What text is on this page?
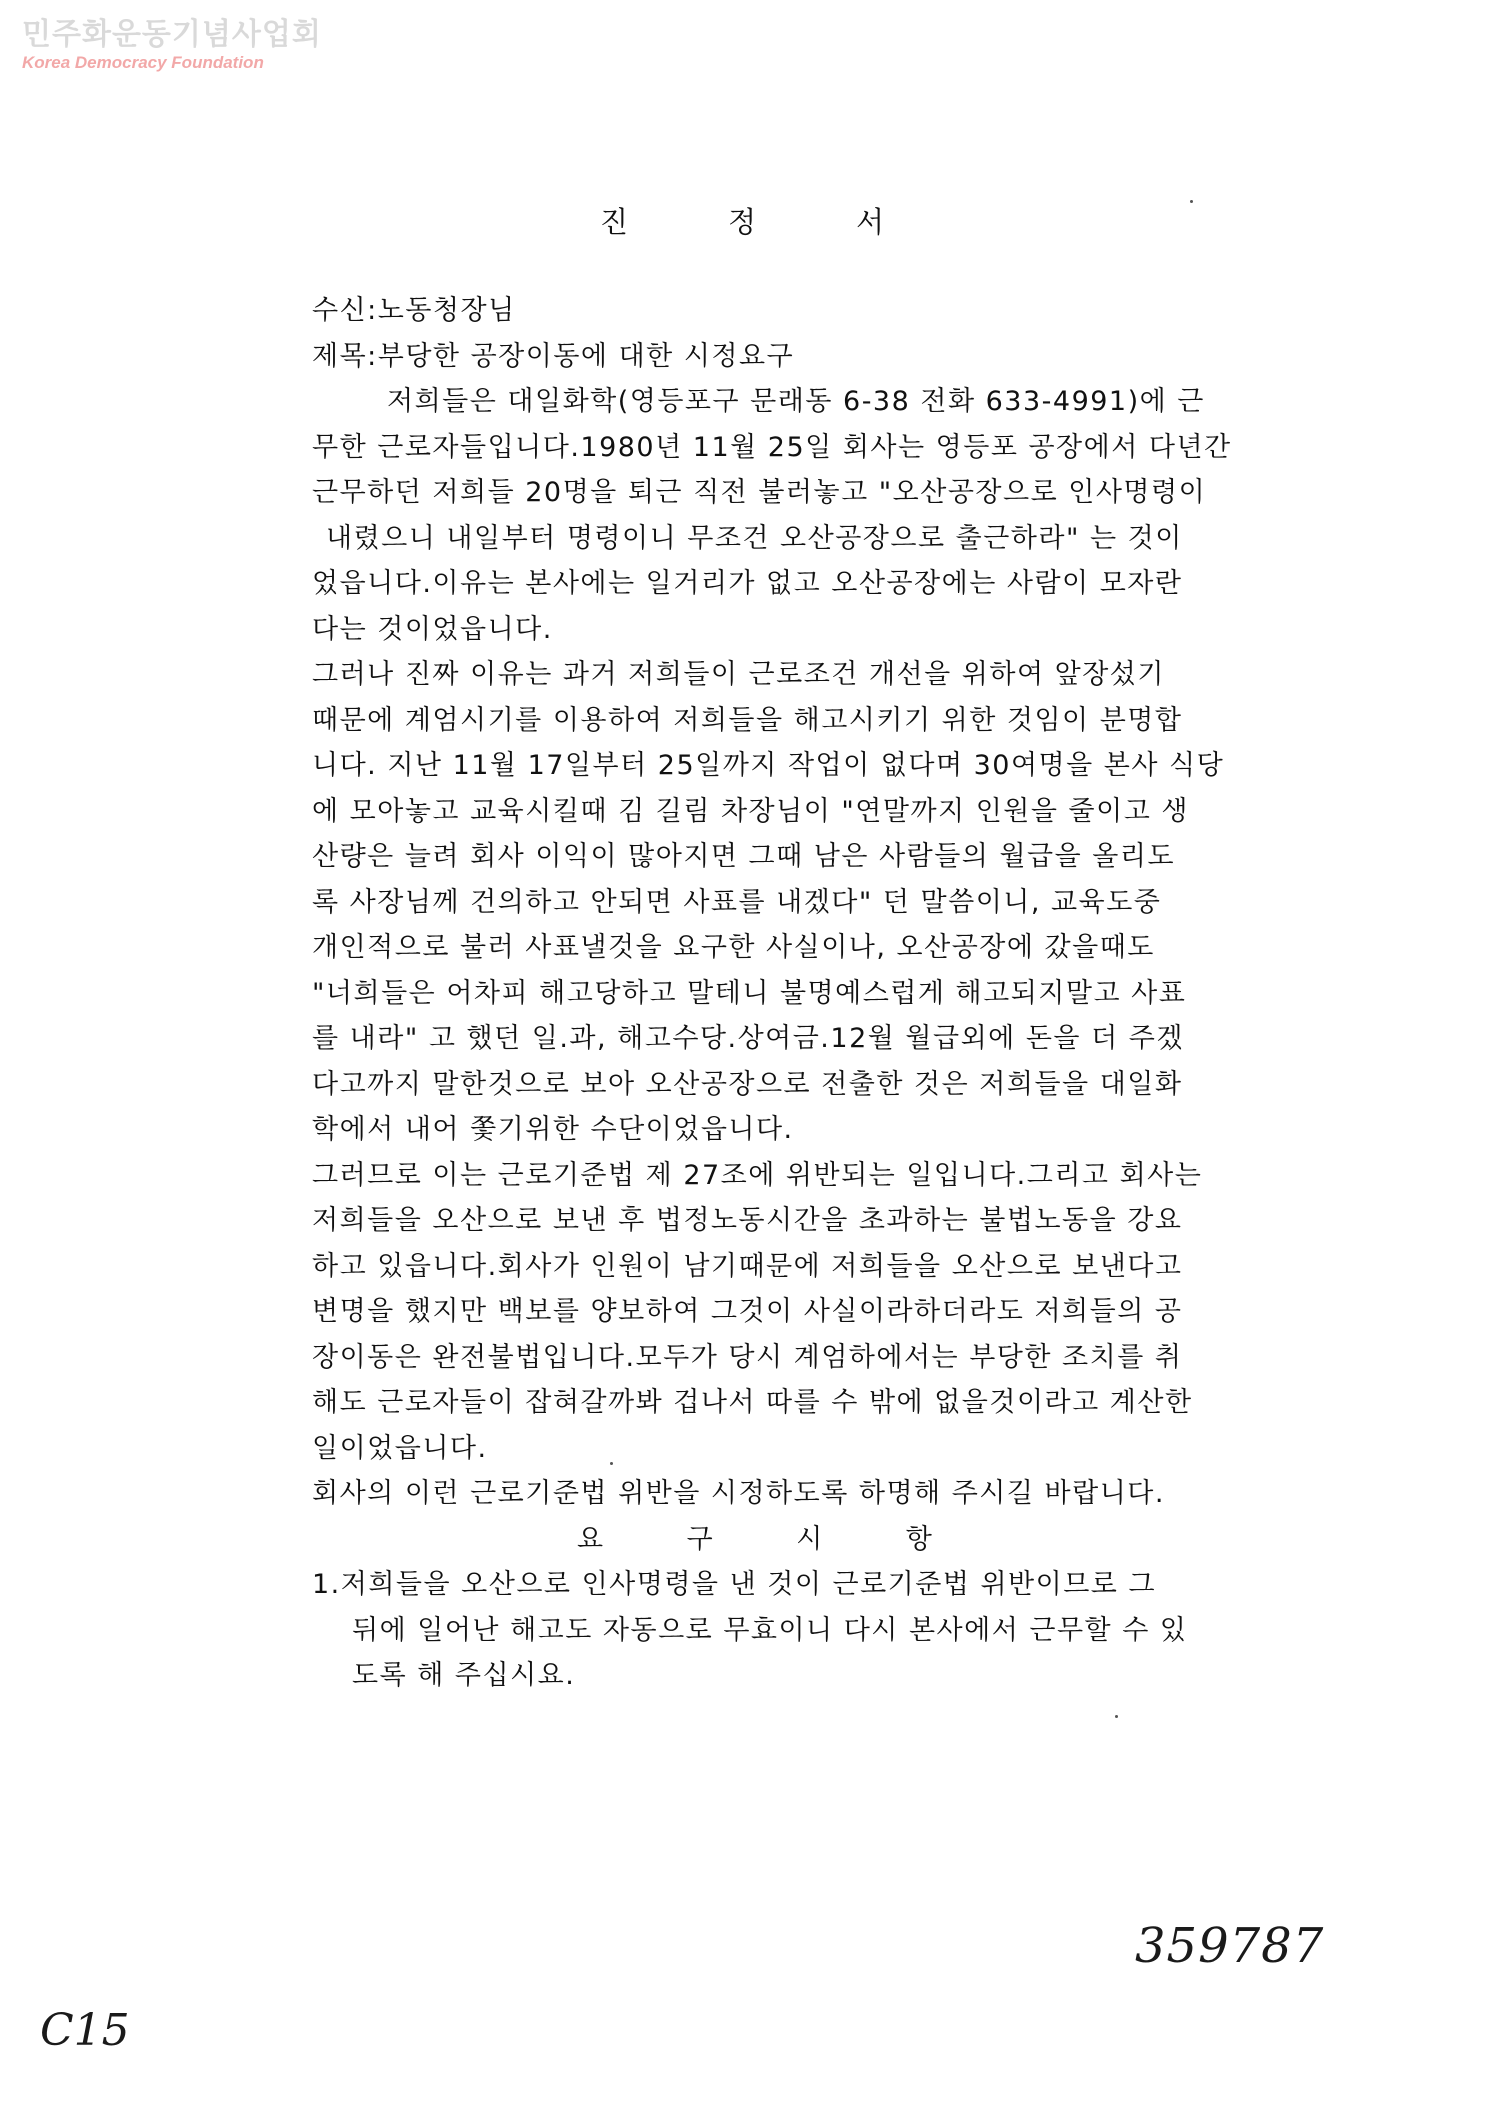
민주화운동기념사업회
Korea Democracy Foundation
진	정	서
수신:노동청장님
제목:부당한 공장이동에 대한 시정요구
저희들은 대일화학(영등포구 문래동 6-38 전화 633-4991)에 근
무한 근로자들입니다.1980년 11월 25일 회사는 영등포 공장에서 다년간
근무하던 저희들 20명을 퇴근 직전 불러놓고 "오산공장으로 인사명령이
내렸으니 내일부터 명령이니 무조건 오산공장으로 출근하라" 는 것이
었읍니다.이유는 본사에는 일거리가 없고 오산공장에는 사람이 모자란
다는 것이었읍니다.
그러나 진짜 이유는 과거 저희들이 근로조건 개선을 위하여 앞장섰기
때문에 계엄시기를 이용하여 저희들을 해고시키기 위한 것임이 분명합
니다. 지난 11월 17일부터 25일까지 작업이 없다며 30여명을 본사 식당
에 모아놓고 교육시킬때 김 길림 차장님이 "연말까지 인원을 줄이고 생
산량은 늘려 회사 이익이 많아지면 그때 남은 사람들의 월급을 올리도
록 사장님께 건의하고 안되면 사표를 내겠다" 던 말씀이니, 교육도중
개인적으로 불러 사표낼것을 요구한 사실이나, 오산공장에 갔을때도
"너희들은 어차피 해고당하고 말테니 불명예스럽게 해고되지말고 사표
를 내라" 고 했던 일.과, 해고수당.상여금.12월 월급외에 돈을 더 주겠
다고까지 말한것으로 보아 오산공장으로 전출한 것은 저희들을 대일화
학에서 내어 쫓기위한 수단이었읍니다.
그러므로 이는 근로기준법 제 27조에 위반되는 일입니다.그리고 회사는
저희들을 오산으로 보낸 후 법정노동시간을 초과하는 불법노동을 강요
하고 있읍니다.회사가 인원이 남기때문에 저희들을 오산으로 보낸다고
변명을 했지만 백보를 양보하여 그것이 사실이라하더라도 저희들의 공
장이동은 완전불법입니다.모두가 당시 계엄하에서는 부당한 조치를 취
해도 근로자들이 잡혀갈까봐 겁나서 따를 수 밖에 없을것이라고 계산한
일이었읍니다.
회사의 이런 근로기준법 위반을 시정하도록 하명해 주시길 바랍니다.
요	구	시	항
1.저희들을 오산으로 인사명령을 낸 것이 근로기준법 위반이므로 그
뒤에 일어난 해고도 자동으로 무효이니 다시 본사에서 근무할 수 있
도록 해 주십시요.
359787
C15
